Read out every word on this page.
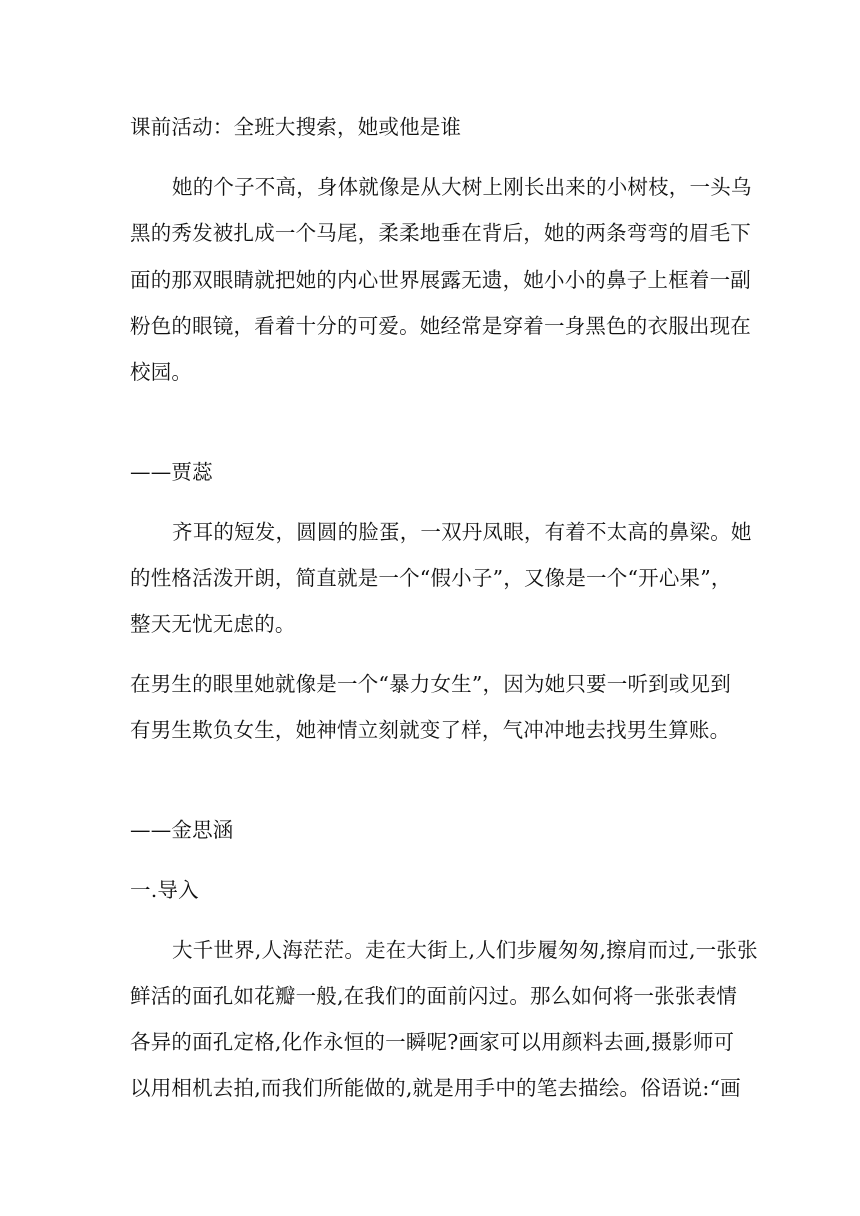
课前活动：全班大搜索，她或他是谁
她的个子不高，身体就像是从大树上刚长出来的小树枝，一头乌
黑的秀发被扎成一个马尾，柔柔地垂在背后，她的两条弯弯的眉毛下
面的那双眼睛就把她的内心世界展露无遗，她小小的鼻子上框着一副
粉色的眼镜，看着十分的可爱。她经常是穿着一身黑色的衣服出现在
校园。
——贾蕊
齐耳的短发，圆圆的脸蛋，一双丹凤眼，有着不太高的鼻梁。她
的性格活泼开朗，简直就是一个“假小子”，又像是一个“开心果”，
整天无忧无虑的。
在男生的眼里她就像是一个“暴力女生”，因为她只要一听到或见到
有男生欺负女生，她神情立刻就变了样，气冲冲地去找男生算账。
——金思涵
一.导入
大千世界,人海茫茫。走在大街上,人们步履匆匆,擦肩而过,一张张
鲜活的面孔如花瓣一般,在我们的面前闪过。那么如何将一张张表情
各异的面孔定格,化作永恒的一瞬呢?画家可以用颜料去画,摄影师可
以用相机去拍,而我们所能做的,就是用手中的笔去描绘。俗语说:“画
